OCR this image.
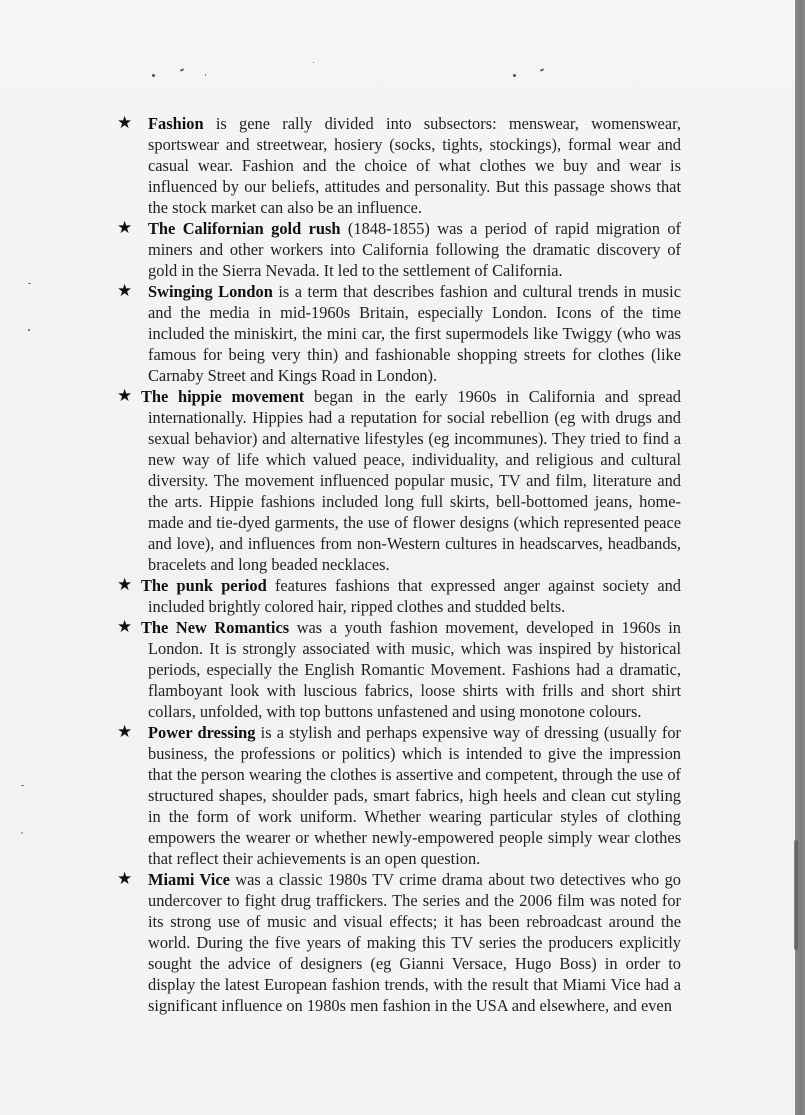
★ Fashion is gene rally divided into subsectors: menswear, womenswear, sportswear and streetwear, hosiery (socks, tights, stockings), formal wear and casual wear. Fashion and the choice of what clothes we buy and wear is influenced by our beliefs, attitudes and personality. But this passage shows that the stock market can also be an influence.
★ The Californian gold rush (1848-1855) was a period of rapid migration of miners and other workers into California following the dramatic discovery of gold in the Sierra Nevada. It led to the settlement of California.
★ Swinging London is a term that describes fashion and cultural trends in music and the media in mid-1960s Britain, especially London. Icons of the time included the miniskirt, the mini car, the first supermodels like Twiggy (who was famous for being very thin) and fashionable shopping streets for clothes (like Carnaby Street and Kings Road in London).
★ The hippie movement began in the early 1960s in California and spread internationally. Hippies had a reputation for social rebellion (eg with drugs and sexual behavior) and alternative lifestyles (eg incommunes). They tried to find a new way of life which valued peace, individuality, and religious and cultural diversity. The movement influenced popular music, TV and film, literature and the arts. Hippie fashions included long full skirts, bell-bottomed jeans, home-made and tie-dyed garments, the use of flower designs (which represented peace and love), and influences from non-Western cultures in headscarves, headbands, bracelets and long beaded necklaces.
★ The punk period features fashions that expressed anger against society and included brightly colored hair, ripped clothes and studded belts.
★ The New Romantics was a youth fashion movement, developed in 1960s in London. It is strongly associated with music, which was inspired by historical periods, especially the English Romantic Movement. Fashions had a dramatic, flamboyant look with luscious fabrics, loose shirts with frills and short shirt collars, unfolded, with top buttons unfastened and using monotone colours.
★ Power dressing is a stylish and perhaps expensive way of dressing (usually for business, the professions or politics) which is intended to give the impression that the person wearing the clothes is assertive and competent, through the use of structured shapes, shoulder pads, smart fabrics, high heels and clean cut styling in the form of work uniform. Whether wearing particular styles of clothing empowers the wearer or whether newly-empowered people simply wear clothes that reflect their achievements is an open question.
★ Miami Vice was a classic 1980s TV crime drama about two detectives who go undercover to fight drug traffickers. The series and the 2006 film was noted for its strong use of music and visual effects; it has been rebroadcast around the world. During the five years of making this TV series the producers explicitly sought the advice of designers (eg Gianni Versace, Hugo Boss) in order to display the latest European fashion trends, with the result that Miami Vice had a significant influence on 1980s men fashion in the USA and elsewhere, and even
